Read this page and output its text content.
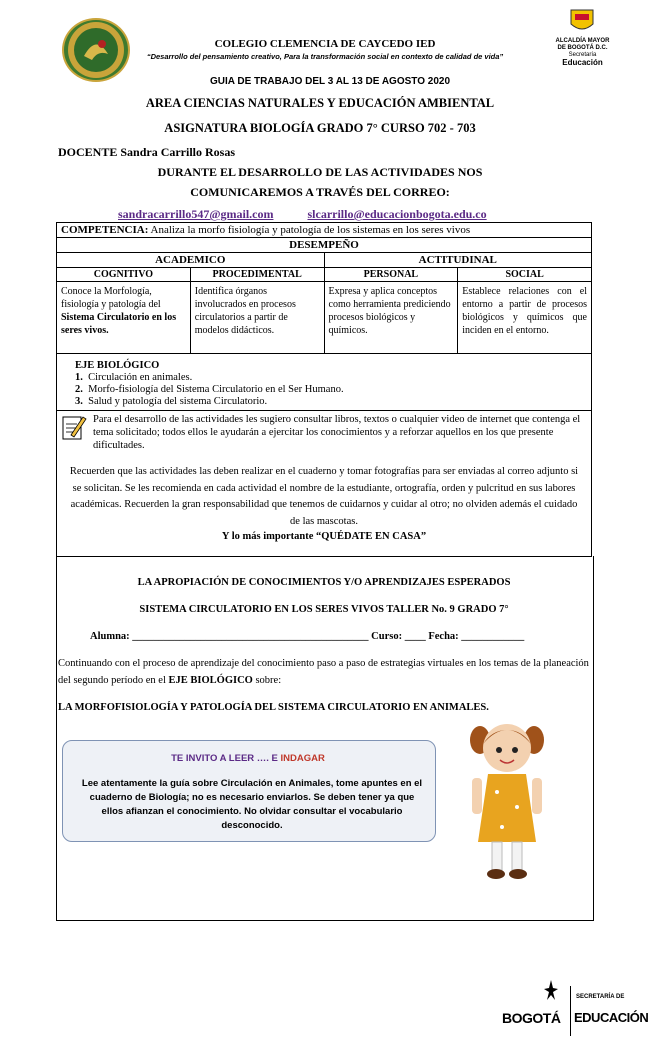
ALCALDÍA MAYOR
DE BOGOTÁ D.C.
Secretaría
Educación
COLEGIO CLEMENCIA DE CAYCEDO IED
“Desarrollo del pensamiento creativo, Para la transformación social en contexto de calidad de vida”
GUIA DE TRABAJO DEL 3 AL 13 DE AGOSTO 2020
AREA CIENCIAS NATURALES Y EDUCACIÓN AMBIENTAL
ASIGNATURA BIOLOGÍA GRADO 7° CURSO 702 - 703
DOCENTE Sandra Carrillo Rosas
DURANTE EL DESARROLLO DE LAS ACTIVIDADES NOS
COMUNICAREMOS A TRAVÉS DEL CORREO:
sandracarrillo547@gmail.com	slcarrillo@educacionbogota.edu.co
COMPETENCIA: Analiza la morfo fisiología y patología de los sistemas en los seres vivos			
DESEMPEÑO			
ACADEMICO		ACTITUDINAL	
COGNITIVO	PROCEDIMENTAL	PERSONAL	SOCIAL
Conoce la Morfología, fisiología y patología del Sistema Circulatorio en los seres vivos.	Identifica órganos involucrados en procesos circulatorios a partir de modelos didácticos.	Expresa y aplica conceptos como herramienta prediciendo procesos biológicos y químicos.	Establece relaciones con el entorno a partir de procesos biológicos y químicos que inciden en el entorno.

EJE BIOLÓGICO
1. Circulación en animales.
2. Morfo-fisiología del Sistema Circulatorio en el Ser Humano.
3. Salud y patología del sistema Circulatorio.			

Para el desarrollo de las actividades les sugiero consultar libros, textos o cualquier video de internet que contenga el tema solicitado; todos ellos le ayudarán a ejercitar los conocimientos y a reforzar aquellos en los que presente dificultades.
Recuerden que las actividades las deben realizar en el cuaderno y tomar fotografías para ser enviadas al correo adjunto si se solicitan. Se les recomienda en cada actividad el nombre de la estudiante, ortografía, orden y pulcritud en sus labores académicas. Recuerden la gran responsabilidad que tenemos de cuidarnos y cuidar al otro; no olviden además el cuidado de las mascotas.
Y lo más importante “QUÉDATE EN CASA”			
LA APROPIACIÓN DE CONOCIMIENTOS Y/O APRENDIZAJES ESPERADOS
SISTEMA CIRCULATORIO EN LOS SERES VIVOS TALLER No. 9 GRADO 7°
Alumna: _____________________________________________ Curso: ____ Fecha: ____________
Continuando con el proceso de aprendizaje del conocimiento paso a paso de estrategias virtuales en los temas de la planeación del segundo período en el EJE BIOLÓGICO sobre:
LA MORFOFISIOLOGÍA Y PATOLOGÍA DEL SISTEMA CIRCULATORIO EN ANIMALES.
TE INVITO A LEER …. E INDAGAR
Lee atentamente la guía sobre Circulación en Animales, tome apuntes en el cuaderno de Biología; no es necesario enviarlos. Se deben tener ya que ellos afianzan el conocimiento. No olvidar consultar el vocabulario desconocido.
BOGOTÁ
SECRETARÍA DE
EDUCACIÓN
